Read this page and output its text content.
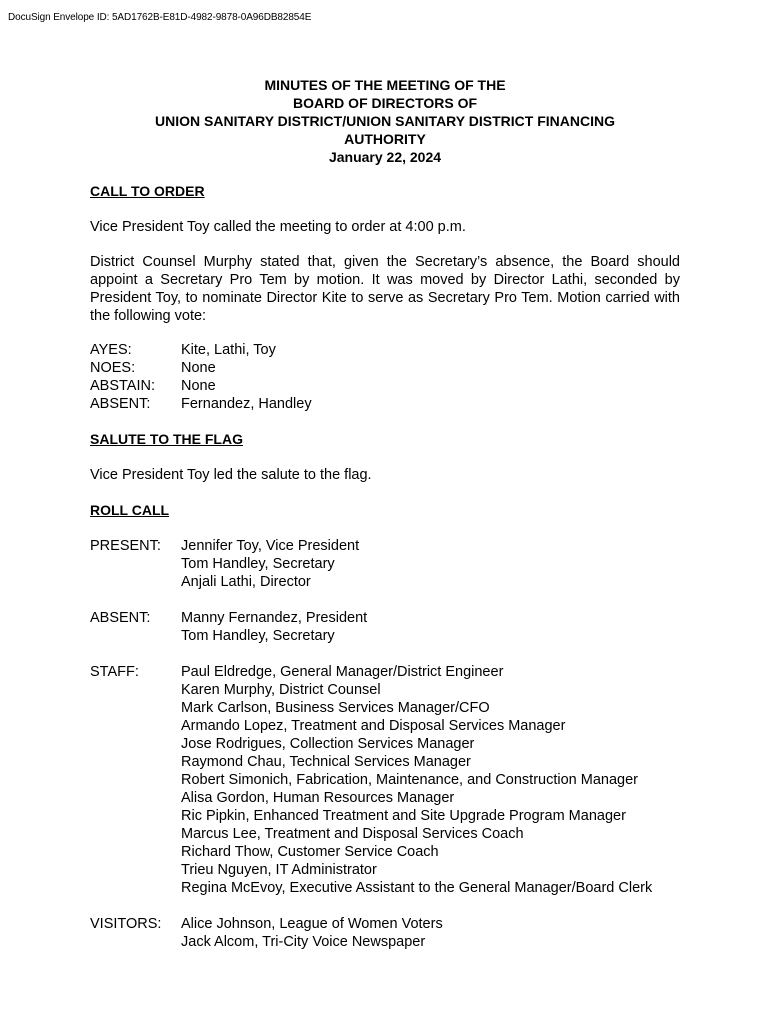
DocuSign Envelope ID: 5AD1762B-E81D-4982-9878-0A96DB82854E
MINUTES OF THE MEETING OF THE
BOARD OF DIRECTORS OF
UNION SANITARY DISTRICT/UNION SANITARY DISTRICT FINANCING
AUTHORITY
January 22, 2024

CALL TO ORDER

Vice President Toy called the meeting to order at 4:00 p.m.

District Counsel Murphy stated that, given the Secretary’s absence, the Board should appoint a Secretary Pro Tem by motion. It was moved by Director Lathi, seconded by President Toy, to nominate Director Kite to serve as Secretary Pro Tem. Motion carried with the following vote:

AYES:	Kite, Lathi, Toy
NOES:	None
ABSTAIN:	None
ABSENT:	Fernandez, Handley

SALUTE TO THE FLAG

Vice President Toy led the salute to the flag.

ROLL CALL

PRESENT:	Jennifer Toy, Vice President
Tom Handley, Secretary
Anjali Lathi, Director
ABSENT:	Manny Fernandez, President
Tom Handley, Secretary
STAFF:	Paul Eldredge, General Manager/District Engineer
Karen Murphy, District Counsel
Mark Carlson, Business Services Manager/CFO
Armando Lopez, Treatment and Disposal Services Manager
Jose Rodrigues, Collection Services Manager
Raymond Chau, Technical Services Manager
Robert Simonich, Fabrication, Maintenance, and Construction Manager
Alisa Gordon, Human Resources Manager
Ric Pipkin, Enhanced Treatment and Site Upgrade Program Manager
Marcus Lee, Treatment and Disposal Services Coach
Richard Thow, Customer Service Coach
Trieu Nguyen, IT Administrator
Regina McEvoy, Executive Assistant to the General Manager/Board Clerk
VISITORS:	Alice Johnson, League of Women Voters
Jack Alcom, Tri-City Voice Newspaper
